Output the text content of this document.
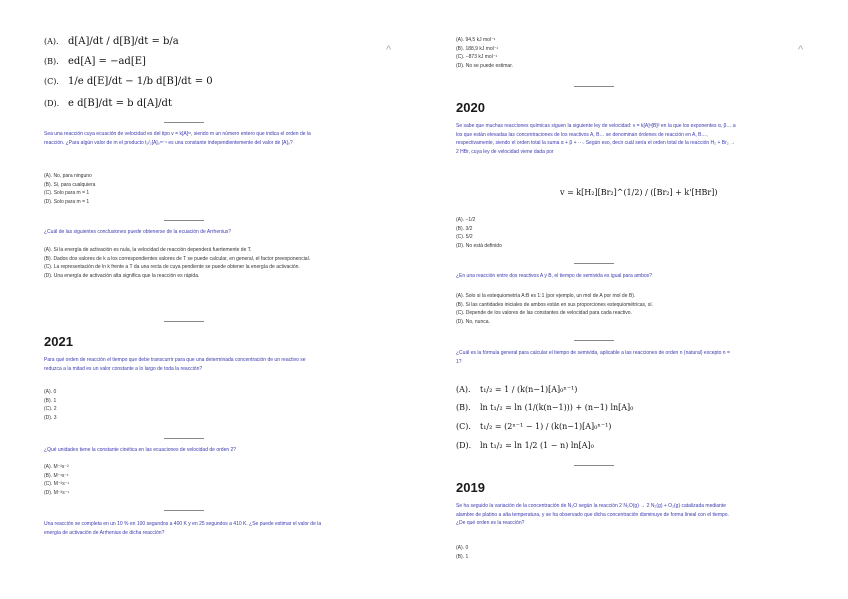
^
(A). d[A]/dt / d[B]/dt = b/a
(B). ed[A] = −ad[E]
(C). 1/e d[E]/dt − 1/b d[B]/dt = 0
(D). e d[B]/dt = b d[A]/dt

Sea una reacción cuya ecuación de velocidad es del tipo v = k[A]ᵐ, siendo m un número entero que indica el orden de la reacción. ¿Para algún valor de m el producto t₁/₂[A]₀ᵐ⁻¹ es una constante independientemente del valor de [A]₀?

(A). No, para ninguno

(B). Sí, para cualquiera

(C). Solo para m = 1

(D). Solo para m = 1

¿Cuál de las siguientes conclusiones puede obtenerse de la ecuación de Arrhenius?

(A). Si la energía de activación es nula, la velocidad de reacción dependerá fuertemente de T.

(B). Dados dos valores de k a los correspondientes valores de T se puede calcular, en general, el factor preexponencial.

(C). La representación de ln k frente a T da una recta de cuya pendiente se puede obtener la energía de activación.

(D). Una energía de activación alta significa que la reacción es rápida.

2021

Para qué orden de reacción el tiempo que debe transcurrir para que una determinada concentración de un reactivo se reduzca a la mitad es un valor constante a lo largo de toda la reacción?

(A). 0

(B). 1

(C). 2

(D). 3

¿Qué unidades tiene la constante cinética en las ecuaciones de velocidad de orden 2?

(A). M⁻²s⁻²

(B). M⁻¹s⁻¹

(C). M⁻²s⁻¹

(D). M⁻²s⁻¹

Una reacción se completa en un 10 % en 100 segundos a 400 K y en 25 segundos a 410 K. ¿Se puede estimar el valor de la energía de activación de Arrhenius de dicha reacción?

^

(A). 94,5 kJ mol⁻¹

(B). 188,9 kJ mol⁻¹

(C). −873 kJ mol⁻¹

(D). No se puede estimar.

2020

Se sabe que muchas reacciones químicas siguen la siguiente ley de velocidad: v = k[A]ᵅ[B]ᵝ en la que los exponentes α, β… a los que están elevadas las concentraciones de los reactivos A, B… se denominan órdenes de reacción en A, B…, respectivamente, siendo el orden total la suma α + β + ···. Según eso, decir cuál sería el orden total de la reacción H₂ + Br₂ → 2 HBr, cuya ley de velocidad viene dada por

v = k[H₂][Br₂]^(1/2) / ([Br₂] + k'[HBr])

(A). −1/2

(B). 3/2

(C). 5/2

(D). No está definido

¿En una reacción entre dos reactivos A y B, el tiempo de semivida es igual para ambos?

(A). Solo si la estequiometría A:B es 1:1 (por ejemplo, un mol de A por mol de B).

(B). Si las cantidades iniciales de ambos están en sus proporciones estequiométricas, sí.

(C). Depende de los valores de las constantes de velocidad para cada reactivo.

(D). No, nunca.

¿Cuál es la fórmula general para calcular el tiempo de semivida, aplicable a las reacciones de orden n (natural) excepto n = 1?

(A). t₁/₂ = 1 / (k(n−1)[A]₀ⁿ⁻¹)
(B). ln t₁/₂ = ln (1/(k(n−1))) + (n−1) ln[A]₀
(C). t₁/₂ = (2ⁿ⁻¹ − 1) / (k(n−1)[A]₀ⁿ⁻¹)
(D). ln t₁/₂ = ln 1/2 (1 − n) ln[A]₀

2019

Se ha seguido la variación de la concentración de N₂O según la reacción 2 N₂O(g) → 2 N₂(g) + O₂(g) catalizada mediante alambre de platino a alta temperatura, y se ha observado que dicha concentración disminuye de forma lineal con el tiempo. ¿De qué orden es la reacción?

(A). 0

(B). 1
